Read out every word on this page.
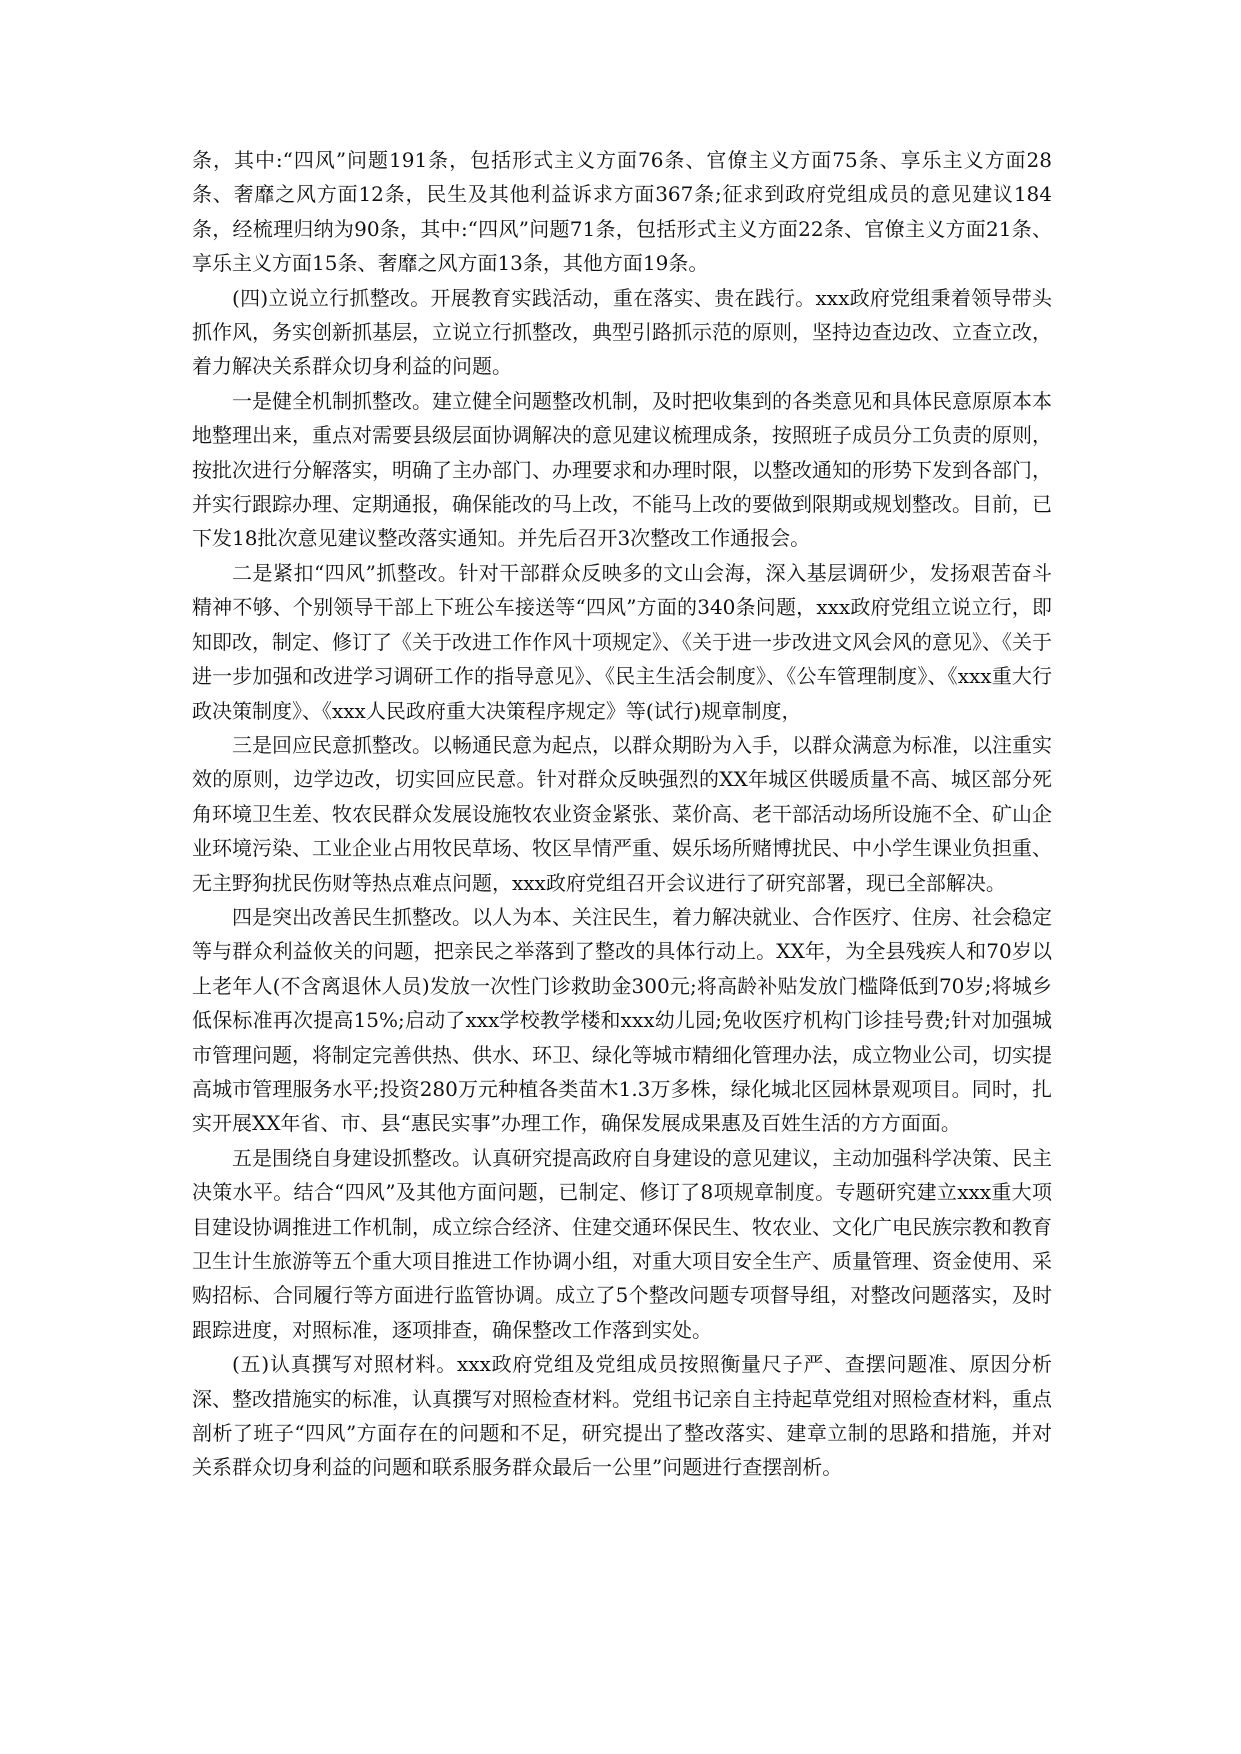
条，其中:“四风”问题191条，包括形式主义方面76条、官僚主义方面75条、享乐主义方面28条、奢靡之风方面12条，民生及其他利益诉求方面367条;征求到政府党组成员的意见建议184条，经梳理归纳为90条，其中:“四风”问题71条，包括形式主义方面22条、官僚主义方面21条、享乐主义方面15条、奢靡之风方面13条，其他方面19条。

(四)立说立行抓整改。开展教育实践活动，重在落实、贵在践行。xxx政府党组秉着领导带头抓作风，务实创新抓基层，立说立行抓整改，典型引路抓示范的原则，坚持边查边改、立查立改，着力解决关系群众切身利益的问题。

一是健全机制抓整改。建立健全问题整改机制，及时把收集到的各类意见和具体民意原原本本地整理出来，重点对需要县级层面协调解决的意见建议梳理成条，按照班子成员分工负责的原则，按批次进行分解落实，明确了主办部门、办理要求和办理时限，以整改通知的形势下发到各部门，并实行跟踪办理、定期通报，确保能改的马上改，不能马上改的要做到限期或规划整改。目前，已下发18批次意见建议整改落实通知。并先后召开3次整改工作通报会。

二是紧扣“四风”抓整改。针对干部群众反映多的文山会海，深入基层调研少，发扬艰苦奋斗精神不够、个别领导干部上下班公车接送等“四风”方面的340条问题，xxx政府党组立说立行，即知即改，制定、修订了《关于改进工作作风十项规定》、《关于进一步改进文风会风的意见》、《关于进一步加强和改进学习调研工作的指导意见》、《民主生活会制度》、《公车管理制度》、《xxx重大行政决策制度》、《xxx人民政府重大决策程序规定》等(试行)规章制度，

三是回应民意抓整改。以畅通民意为起点，以群众期盼为入手，以群众满意为标准，以注重实效的原则，边学边改，切实回应民意。针对群众反映强烈的XX年城区供暖质量不高、城区部分死角环境卫生差、牧农民群众发展设施牧农业资金紧张、菜价高、老干部活动场所设施不全、矿山企业环境污染、工业企业占用牧民草场、牧区旱情严重、娱乐场所赌博扰民、中小学生课业负担重、无主野狗扰民伤财等热点难点问题，xxx政府党组召开会议进行了研究部署，现已全部解决。

四是突出改善民生抓整改。以人为本、关注民生，着力解决就业、合作医疗、住房、社会稳定等与群众利益攸关的问题，把亲民之举落到了整改的具体行动上。XX年，为全县残疾人和70岁以上老年人(不含离退休人员)发放一次性门诊救助金300元;将高龄补贴发放门槛降低到70岁;将城乡低保标准再次提高15%;启动了xxx学校教学楼和xxx幼儿园;免收医疗机构门诊挂号费;针对加强城市管理问题，将制定完善供热、供水、环卫、绿化等城市精细化管理办法，成立物业公司，切实提高城市管理服务水平;投资280万元种植各类苗木1.3万多株，绿化城北区园林景观项目。同时，扎实开展XX年省、市、县“惠民实事”办理工作，确保发展成果惠及百姓生活的方方面面。

五是围绕自身建设抓整改。认真研究提高政府自身建设的意见建议，主动加强科学决策、民主决策水平。结合“四风”及其他方面问题，已制定、修订了8项规章制度。专题研究建立xxx重大项目建设协调推进工作机制，成立综合经济、住建交通环保民生、牧农业、文化广电民族宗教和教育卫生计生旅游等五个重大项目推进工作协调小组，对重大项目安全生产、质量管理、资金使用、采购招标、合同履行等方面进行监管协调。成立了5个整改问题专项督导组，对整改问题落实，及时跟踪进度，对照标准，逐项排查，确保整改工作落到实处。

(五)认真撰写对照材料。xxx政府党组及党组成员按照衡量尺子严、查摆问题准、原因分析深、整改措施实的标准，认真撰写对照检查材料。党组书记亲自主持起草党组对照检查材料，重点剖析了班子“四风”方面存在的问题和不足，研究提出了整改落实、建章立制的思路和措施，并对关系群众切身利益的问题和联系服务群众最后一公里”问题进行查摆剖析。
